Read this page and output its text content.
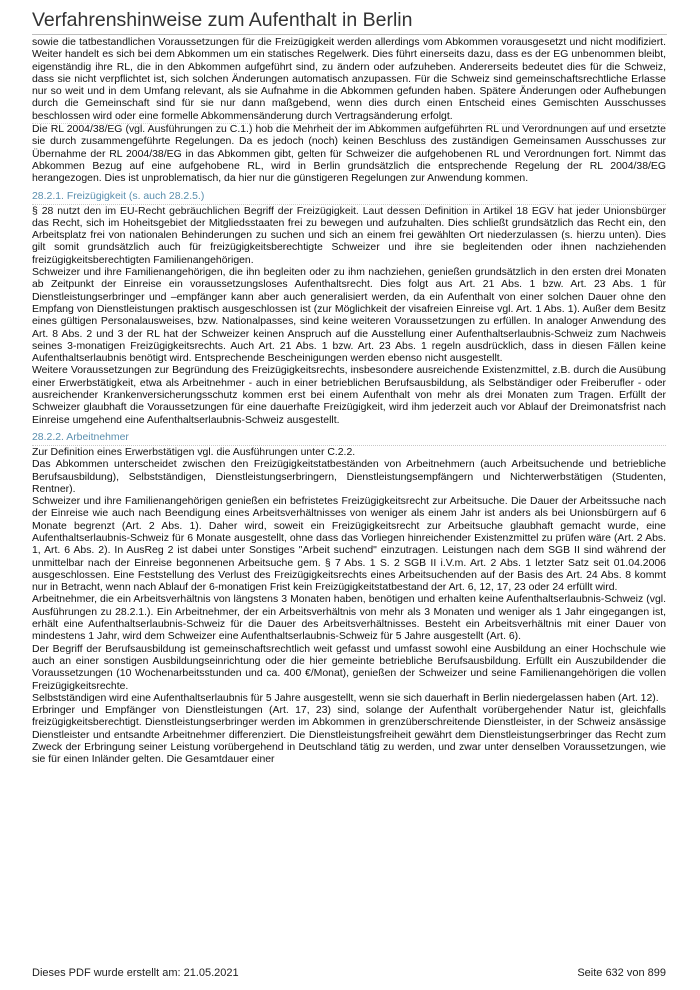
Verfahrenshinweise zum Aufenthalt in Berlin

sowie die tatbestandlichen Voraussetzungen für die Freizügigkeit werden allerdings vom Abkommen vorausgesetzt und nicht modifiziert. Weiter handelt es sich bei dem Abkommen um ein statisches Regelwerk. Dies führt einerseits dazu, dass es der EG unbenommen bleibt, eigenständig ihre RL, die in den Abkommen aufgeführt sind, zu ändern oder aufzuheben. Andererseits bedeutet dies für die Schweiz, dass sie nicht verpflichtet ist, sich solchen Änderungen automatisch anzupassen. Für die Schweiz sind gemeinschaftsrechtliche Erlasse nur so weit und in dem Umfang relevant, als sie Aufnahme in die Abkommen gefunden haben. Spätere Änderungen oder Aufhebungen durch die Gemeinschaft sind für sie nur dann maßgebend, wenn dies durch einen Entscheid eines Gemischten Ausschusses beschlossen wird oder eine formelle Abkommensänderung durch Vertragsänderung erfolgt.

Die RL 2004/38/EG (vgl. Ausführungen zu C.1.) hob die Mehrheit der im Abkommen aufgeführten RL und Verordnungen auf und ersetzte sie durch zusammengeführte Regelungen. Da es jedoch (noch) keinen Beschluss des zuständigen Gemeinsamen Ausschusses zur Übernahme der RL 2004/38/EG in das Abkommen gibt, gelten für Schweizer die aufgehobenen RL und Verordnungen fort. Nimmt das Abkommen Bezug auf eine aufgehobene RL, wird in Berlin grundsätzlich die entsprechende Regelung der RL 2004/38/EG herangezogen. Dies ist unproblematisch, da hier nur die günstigeren Regelungen zur Anwendung kommen.

28.2.1. Freizügigkeit (s. auch 28.2.5.)

§ 28 nutzt den im EU-Recht gebräuchlichen Begriff der Freizügigkeit. Laut dessen Definition in Artikel 18 EGV hat jeder Unionsbürger das Recht, sich im Hoheitsgebiet der Mitgliedsstaaten frei zu bewegen und aufzuhalten. Dies schließt grundsätzlich das Recht ein, den Arbeitsplatz frei von nationalen Behinderungen zu suchen und sich an einem frei gewählten Ort niederzulassen (s. hierzu unten). Dies gilt somit grundsätzlich auch für freizügigkeitsberechtigte Schweizer und ihre sie begleitenden oder ihnen nachziehenden freizügigkeitsberechtigten Familienangehörigen.

Schweizer und ihre Familienangehörigen, die ihn begleiten oder zu ihm nachziehen, genießen grundsätzlich in den ersten drei Monaten ab Zeitpunkt der Einreise ein voraussetzungsloses Aufenthaltsrecht. Dies folgt aus Art. 21 Abs. 1 bzw. Art. 23 Abs. 1 für Dienstleistungserbringer und –empfänger kann aber auch generalisiert werden, da ein Aufenthalt von einer solchen Dauer ohne den Empfang von Dienstleistungen praktisch ausgeschlossen ist (zur Möglichkeit der visafreien Einreise vgl. Art. 1 Abs. 1). Außer dem Besitz eines gültigen Personalausweises, bzw. Nationalpasses, sind keine weiteren Voraussetzungen zu erfüllen. In analoger Anwendung des Art. 8 Abs. 2 und 3 der RL hat der Schweizer keinen Anspruch auf die Ausstellung einer Aufenthaltserlaubnis-Schweiz zum Nachweis seines 3-monatigen Freizügigkeitsrechts. Auch Art. 21 Abs. 1 bzw. Art. 23 Abs. 1 regeln ausdrücklich, dass in diesen Fällen keine Aufenthaltserlaubnis benötigt wird. Entsprechende Bescheinigungen werden ebenso nicht ausgestellt.

Weitere Voraussetzungen zur Begründung des Freizügigkeitsrechts, insbesondere ausreichende Existenzmittel, z.B. durch die Ausübung einer Erwerbstätigkeit, etwa als Arbeitnehmer - auch in einer betrieblichen Berufsausbildung, als Selbständiger oder Freiberufler - oder ausreichender Krankenversicherungsschutz kommen erst bei einem Aufenthalt von mehr als drei Monaten zum Tragen. Erfüllt der Schweizer glaubhaft die Voraussetzungen für eine dauerhafte Freizügigkeit, wird ihm jederzeit auch vor Ablauf der Dreimonatsfrist nach Einreise umgehend eine Aufenthaltserlaubnis-Schweiz ausgestellt.

28.2.2. Arbeitnehmer

Zur Definition eines Erwerbstätigen vgl. die Ausführungen unter C.2.2.

Das Abkommen unterscheidet zwischen den Freizügigkeitstatbeständen von Arbeitnehmern (auch Arbeitsuchende und betriebliche Berufsausbildung), Selbstständigen, Dienstleistungserbringern, Dienstleistungsempfängern und Nichterwerbstätigen (Studenten, Rentner).

Schweizer und ihre Familienangehörigen genießen ein befristetes Freizügigkeitsrecht zur Arbeitsuche. Die Dauer der Arbeitssuche nach der Einreise wie auch nach Beendigung eines Arbeitsverhältnisses von weniger als einem Jahr ist anders als bei Unionsbürgern auf 6 Monate begrenzt (Art. 2 Abs. 1). Daher wird, soweit ein Freizügigkeitsrecht zur Arbeitsuche glaubhaft gemacht wurde, eine Aufenthaltserlaubnis-Schweiz für 6 Monate ausgestellt, ohne dass das Vorliegen hinreichender Existenzmittel zu prüfen wäre (Art. 2 Abs. 1, Art. 6 Abs. 2). In AusReg 2 ist dabei unter Sonstiges "Arbeit suchend" einzutragen. Leistungen nach dem SGB II sind während der unmittelbar nach der Einreise begonnenen Arbeitsuche gem. § 7 Abs. 1 S. 2 SGB II i.V.m. Art. 2 Abs. 1 letzter Satz seit 01.04.2006 ausgeschlossen. Eine Feststellung des Verlust des Freizügigkeitsrechts eines Arbeitsuchenden auf der Basis des Art. 24 Abs. 8 kommt nur in Betracht, wenn nach Ablauf der 6-monatigen Frist kein Freizügigkeitstatbestand der Art. 6, 12, 17, 23 oder 24 erfüllt wird.

Arbeitnehmer, die ein Arbeitsverhältnis von längstens 3 Monaten haben, benötigen und erhalten keine Aufenthaltserlaubnis-Schweiz (vgl. Ausführungen zu 28.2.1.). Ein Arbeitnehmer, der ein Arbeitsverhältnis von mehr als 3 Monaten und weniger als 1 Jahr eingegangen ist, erhält eine Aufenthaltserlaubnis-Schweiz für die Dauer des Arbeitsverhältnisses. Besteht ein Arbeitsverhältnis mit einer Dauer von mindestens 1 Jahr, wird dem Schweizer eine Aufenthaltserlaubnis-Schweiz für 5 Jahre ausgestellt (Art. 6).

Der Begriff der Berufsausbildung ist gemeinschaftsrechtlich weit gefasst und umfasst sowohl eine Ausbildung an einer Hochschule wie auch an einer sonstigen Ausbildungseinrichtung oder die hier gemeinte betriebliche Berufsausbildung. Erfüllt ein Auszubildender die Voraussetzungen (10 Wochenarbeitsstunden und ca. 400 €/Monat), genießen der Schweizer und seine Familienangehörigen die vollen Freizügigkeitsrechte.

Selbstständigen wird eine Aufenthaltserlaubnis für 5 Jahre ausgestellt, wenn sie sich dauerhaft in Berlin niedergelassen haben (Art. 12).

Erbringer und Empfänger von Dienstleistungen (Art. 17, 23) sind, solange der Aufenthalt vorübergehender Natur ist, gleichfalls freizügigkeitsberechtigt. Dienstleistungserbringer werden im Abkommen in grenzüberschreitende Dienstleister, in der Schweiz ansässige Dienstleister und entsandte Arbeitnehmer differenziert. Die Dienstleistungsfreiheit gewährt dem Dienstleistungserbringer das Recht zum Zweck der Erbringung seiner Leistung vorübergehend in Deutschland tätig zu werden, und zwar unter denselben Voraussetzungen, wie sie für einen Inländer gelten. Die Gesamtdauer einer

Dieses PDF wurde erstellt am: 21.05.2021	Seite 632 von 899
